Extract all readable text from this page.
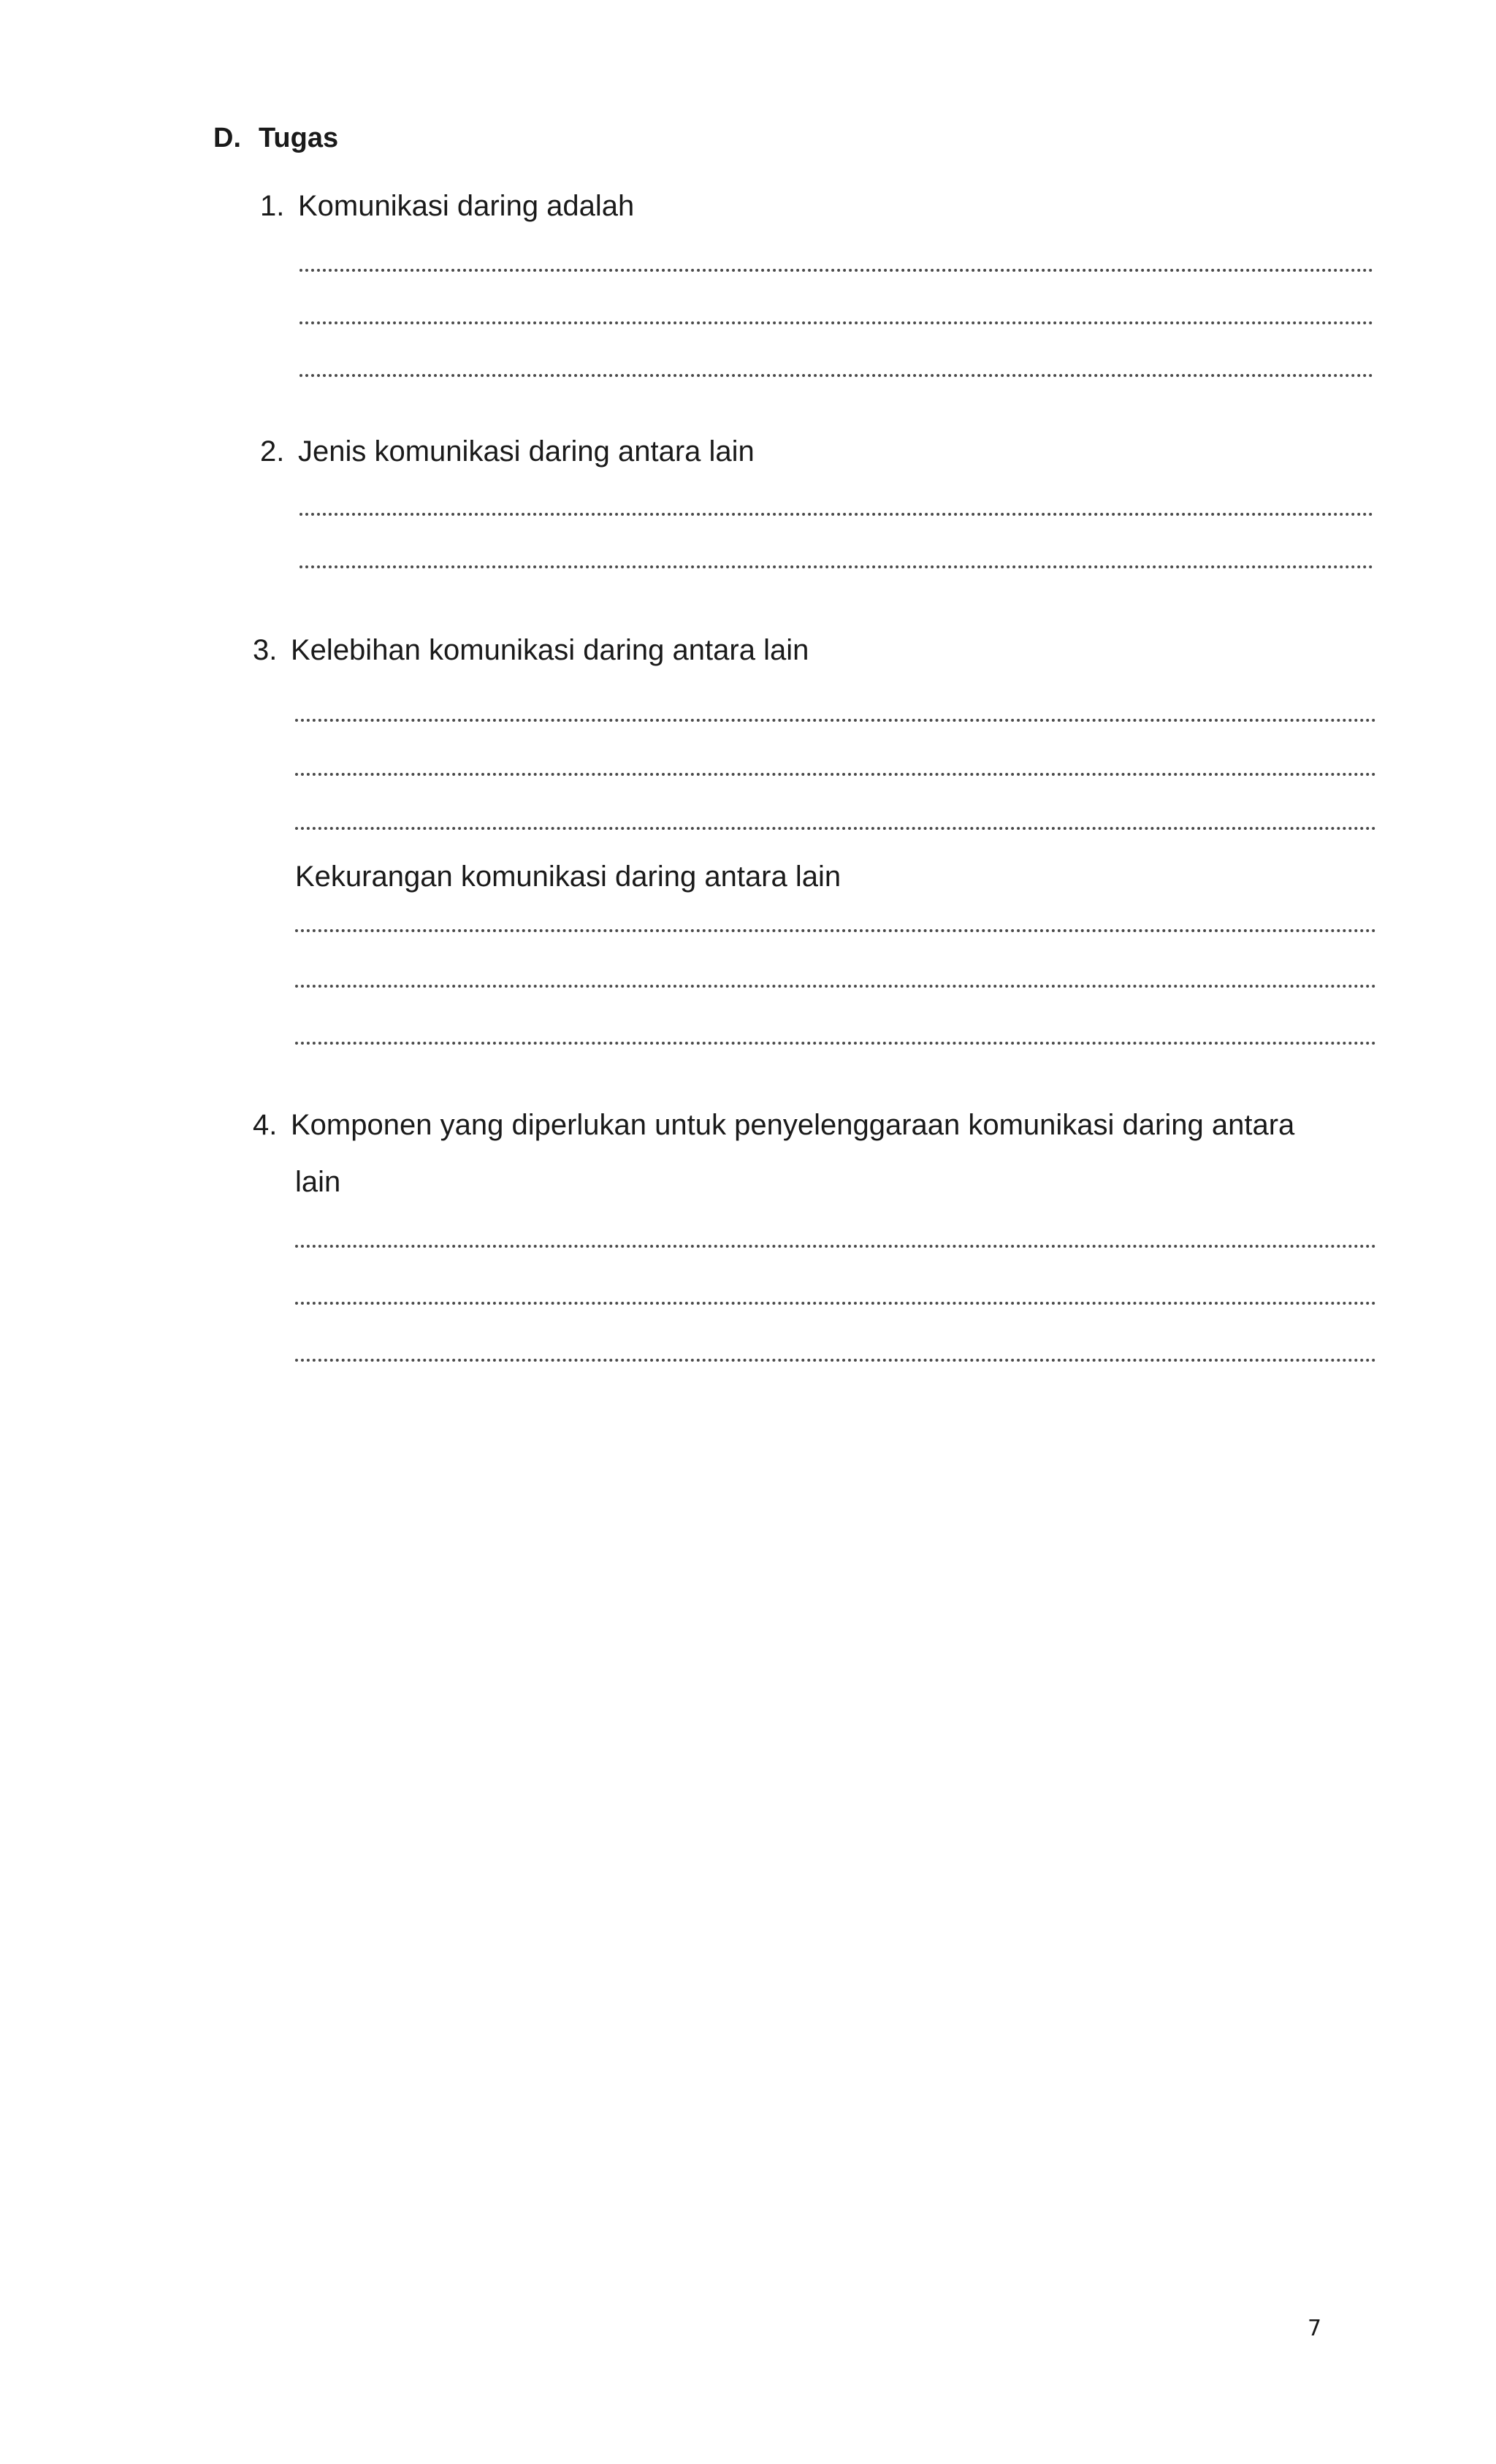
D. Tugas
1. Komunikasi daring adalah
2. Jenis komunikasi daring antara lain
3. Kelebihan komunikasi daring antara lain
Kekurangan komunikasi daring antara lain
4. Komponen yang diperlukan untuk penyelenggaraan komunikasi daring antara
lain
7
